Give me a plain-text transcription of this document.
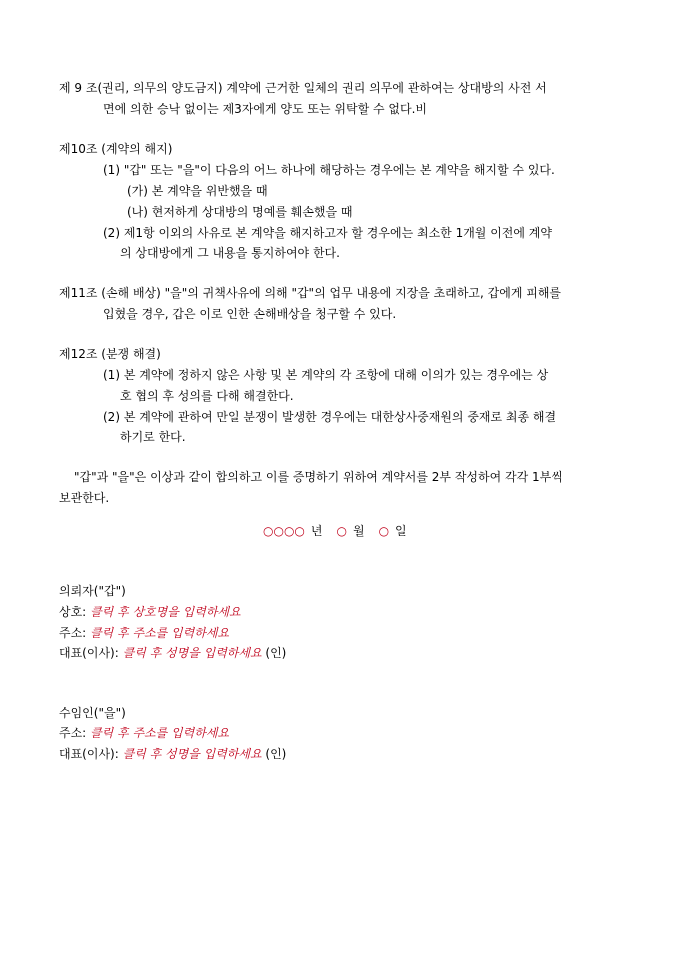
제 9 조(권리, 의무의 양도금지) 계약에 근거한 일체의 권리 의무에 관하여는 상대방의 사전 서
면에 의한 승낙 없이는 제3자에게 양도 또는 위탁할 수 없다.비
제10조 (계약의 해지)
(1) "갑" 또는 "을"이 다음의 어느 하나에 해당하는 경우에는 본 계약을 해지할 수 있다.
(가) 본 계약을 위반했을 때
(나) 현저하게 상대방의 명예를 훼손했을 때
(2) 제1항 이외의 사유로 본 계약을 해지하고자 할 경우에는 최소한 1개월 이전에 계약
의 상대방에게 그 내용을 통지하여야 한다.
제11조 (손해 배상) "을"의 귀책사유에 의해 "갑"의 업무 내용에 지장을 초래하고, 갑에게 피해를
입혔을 경우, 갑은 이로 인한 손해배상을 청구할 수 있다.
제12조 (분쟁 해결)
(1) 본 계약에 정하지 않은 사항 및 본 계약의 각 조항에 대해 이의가 있는 경우에는 상
호 협의 후 성의를 다해 해결한다.
(2) 본 계약에 관하여 만일 분쟁이 발생한 경우에는 대한상사중재원의 중재로 최종 해결
하기로 한다.
"갑"과 "을"은 이상과 같이 합의하고 이를 증명하기 위하여 계약서를 2부 작성하여 각각 1부씩
보관한다.
○○○○ 년 ○ 월 ○ 일
의뢰자("갑")
상호: 클릭 후 상호명을 입력하세요
주소: 클릭 후 주소를 입력하세요
대표(이사): 클릭 후 성명을 입력하세요 (인)
수임인("을")
주소: 클릭 후 주소를 입력하세요
대표(이사): 클릭 후 성명을 입력하세요 (인)
